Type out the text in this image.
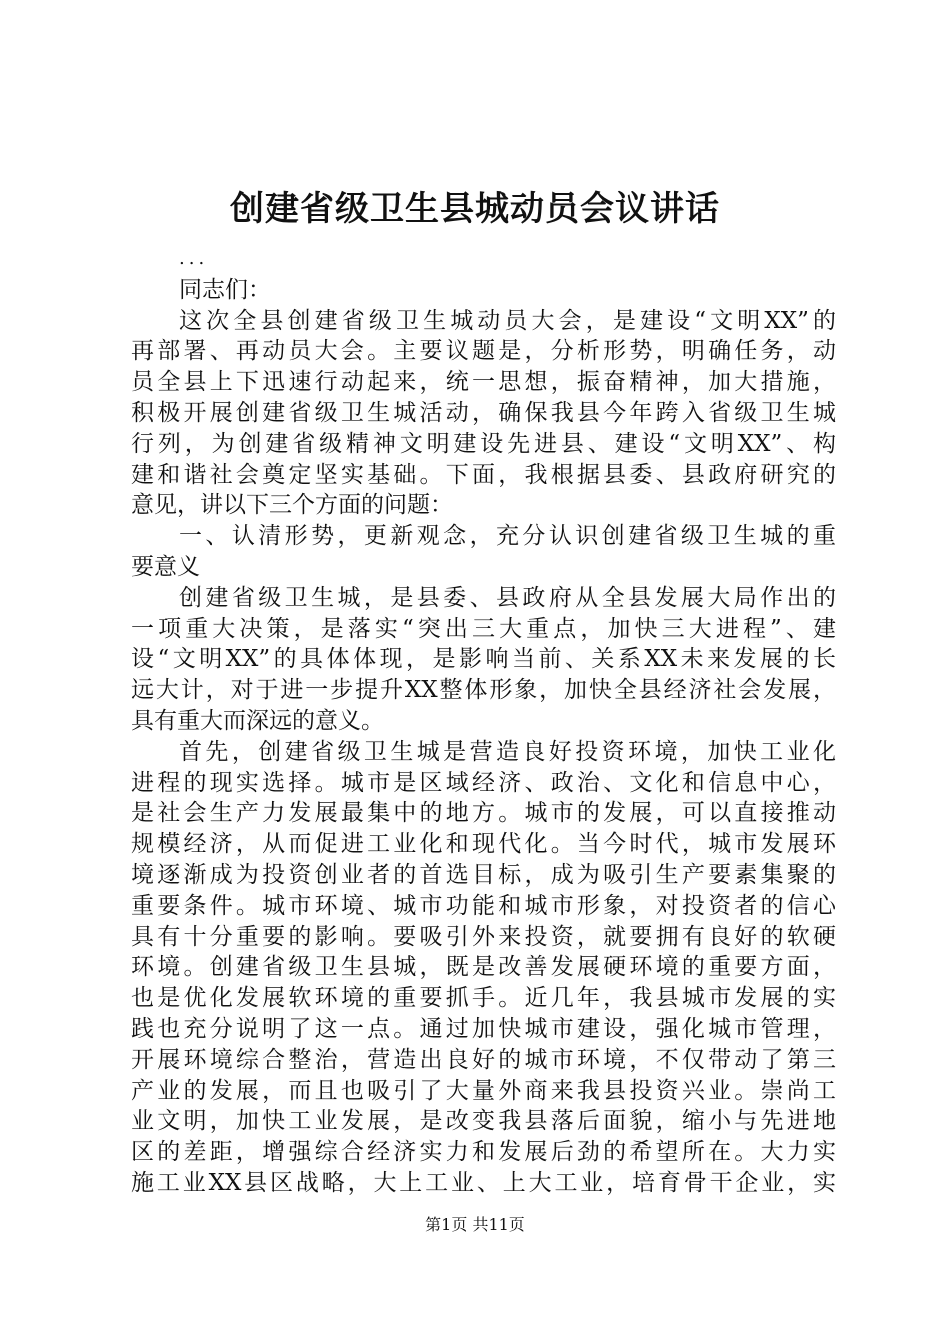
创建省级卫生县城动员会议讲话
...
同志们：
这次全县创建省级卫生城动员大会，是建设“文明XX”的
再部署、再动员大会。主要议题是，分析形势，明确任务，动
员全县上下迅速行动起来，统一思想，振奋精神，加大措施，
积极开展创建省级卫生城活动，确保我县今年跨入省级卫生城
行列，为创建省级精神文明建设先进县、建设“文明XX”、构
建和谐社会奠定坚实基础。下面，我根据县委、县政府研究的
意见，讲以下三个方面的问题：
一、认清形势，更新观念，充分认识创建省级卫生城的重
要意义
创建省级卫生城，是县委、县政府从全县发展大局作出的
一项重大决策，是落实“突出三大重点，加快三大进程”、建
设“文明XX”的具体体现，是影响当前、关系XX未来发展的长
远大计，对于进一步提升XX整体形象，加快全县经济社会发展，
具有重大而深远的意义。
首先，创建省级卫生城是营造良好投资环境，加快工业化
进程的现实选择。城市是区域经济、政治、文化和信息中心，
是社会生产力发展最集中的地方。城市的发展，可以直接推动
规模经济，从而促进工业化和现代化。当今时代，城市发展环
境逐渐成为投资创业者的首选目标，成为吸引生产要素集聚的
重要条件。城市环境、城市功能和城市形象，对投资者的信心
具有十分重要的影响。要吸引外来投资，就要拥有良好的软硬
环境。创建省级卫生县城，既是改善发展硬环境的重要方面，
也是优化发展软环境的重要抓手。近几年，我县城市发展的实
践也充分说明了这一点。通过加快城市建设，强化城市管理，
开展环境综合整治，营造出良好的城市环境，不仅带动了第三
产业的发展，而且也吸引了大量外商来我县投资兴业。崇尚工
业文明，加快工业发展，是改变我县落后面貌，缩小与先进地
区的差距，增强综合经济实力和发展后劲的希望所在。大力实
施工业XX县区战略，大上工业、上大工业，培育骨干企业，实
第1页 共11页
